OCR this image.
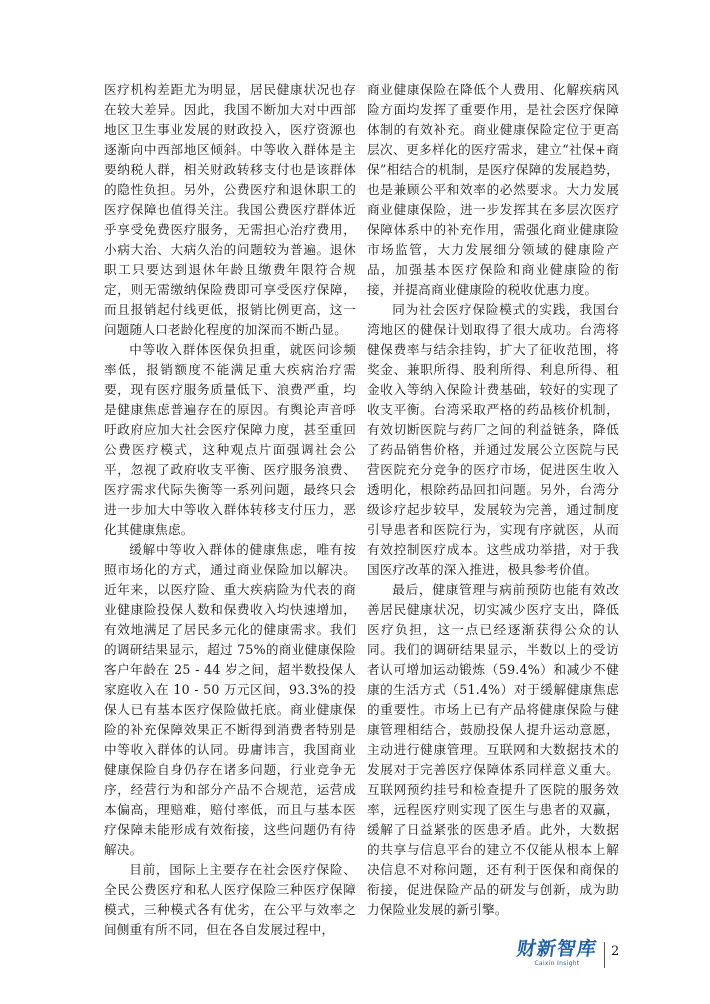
医疗机构差距尤为明显，居民健康状况也存在较大差异。因此，我国不断加大对中西部地区卫生事业发展的财政投入，医疗资源也逐渐向中西部地区倾斜。中等收入群体是主要纳税人群，相关财政转移支付也是该群体的隐性负担。另外，公费医疗和退休职工的医疗保障也值得关注。我国公费医疗群体近乎享受免费医疗服务，无需担心治疗费用，小病大治、大病久治的问题较为普遍。退休职工只要达到退休年龄且缴费年限符合规定，则无需缴纳保险费即可享受医疗保障，而且报销起付线更低，报销比例更高，这一问题随人口老龄化程度的加深而不断凸显。

中等收入群体医保负担重，就医问诊频率低，报销额度不能满足重大疾病治疗需要，现有医疗服务质量低下、浪费严重，均是健康焦虑普遍存在的原因。有舆论声音呼吁政府应加大社会医疗保障力度，甚至重回公费医疗模式，这种观点片面强调社会公平，忽视了政府收支平衡、医疗服务浪费、医疗需求代际失衡等一系列问题，最终只会进一步加大中等收入群体转移支付压力，恶化其健康焦虑。

缓解中等收入群体的健康焦虑，唯有按照市场化的方式，通过商业保险加以解决。近年来，以医疗险、重大疾病险为代表的商业健康险投保人数和保费收入均快速增加，有效地满足了居民多元化的健康需求。我们的调研结果显示，超过 75%的商业健康保险客户年龄在 25 - 44 岁之间，超半数投保人家庭收入在 10 - 50 万元区间，93.3%的投保人已有基本医疗保险做托底。商业健康保险的补充保障效果正不断得到消费者特别是中等收入群体的认同。毋庸讳言，我国商业健康保险自身仍存在诸多问题，行业竞争无序，经营行为和部分产品不合规范，运营成本偏高，理赔难，赔付率低，而且与基本医疗保障未能形成有效衔接，这些问题仍有待解决。

目前，国际上主要存在社会医疗保险、全民公费医疗和私人医疗保险三种医疗保障模式，三种模式各有优劣，在公平与效率之间侧重有所不同，但在各自发展过程中，

商业健康保险在降低个人费用、化解疾病风险方面均发挥了重要作用，是社会医疗保障体制的有效补充。商业健康保险定位于更高层次、更多样化的医疗需求，建立“社保+商保”相结合的机制，是医疗保障的发展趋势，也是兼顾公平和效率的必然要求。大力发展商业健康保险，进一步发挥其在多层次医疗保障体系中的补充作用，需强化商业健康险市场监管，大力发展细分领域的健康险产品，加强基本医疗保险和商业健康险的衔接，并提高商业健康险的税收优惠力度。

同为社会医疗保险模式的实践，我国台湾地区的健保计划取得了很大成功。台湾将健保费率与结余挂钩，扩大了征收范围，将奖金、兼职所得、股利所得、利息所得、租金收入等纳入保险计费基础，较好的实现了收支平衡。台湾采取严格的药品核价机制，有效切断医院与药厂之间的利益链条，降低了药品销售价格，并通过发展公立医院与民营医院充分竞争的医疗市场，促进医生收入透明化，根除药品回扣问题。另外，台湾分级诊疗起步较早，发展较为完善，通过制度引导患者和医院行为，实现有序就医，从而有效控制医疗成本。这些成功举措，对于我国医疗改革的深入推进，极具参考价值。

最后，健康管理与病前预防也能有效改善居民健康状况，切实减少医疗支出，降低医疗负担，这一点已经逐渐获得公众的认同。我们的调研结果显示，半数以上的受访者认可增加运动锻炼（59.4%）和减少不健康的生活方式（51.4%）对于缓解健康焦虑的重要性。市场上已有产品将健康保险与健康管理相结合，鼓励投保人提升运动意愿，主动进行健康管理。互联网和大数据技术的发展对于完善医疗保障体系同样意义重大。互联网预约挂号和检查提升了医院的服务效率，远程医疗则实现了医生与患者的双赢，缓解了日益紧张的医患矛盾。此外，大数据的共享与信息平台的建立不仅能从根本上解决信息不对称问题，还有利于医保和商保的衔接，促进保险产品的研发与创新，成为助力保险业发展的新引擎。

财新智库
Caixin Insight
2
